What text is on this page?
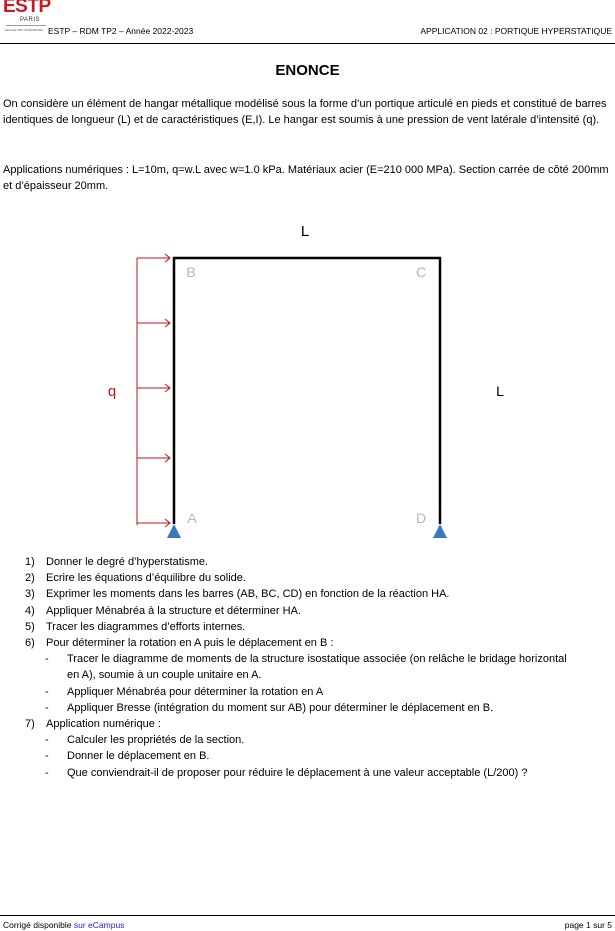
ESTP
PARIS
L'ÉCOLE DES INGÉNIEURS ESTP – RDM TP2 – Année 2022-2023	APPLICATION 02 : PORTIQUE HYPERSTATIQUE
ENONCE
On considère un élément de hangar métallique modélisé sous la forme d’un portique articulé en pieds et constitué de barres identiques de longueur (L) et de caractéristiques (E,I). Le hangar est soumis à une pression de vent latérale d’intensité (q).
Applications numériques : L=10m, q=w.L avec w=1.0 kPa. Matériaux acier (E=210 000 MPa). Section carrée de côté 200mm et d’épaisseur 20mm.
L
L
q
B	C
A	D
1) Donner le degré d’hyperstatisme.
2) Ecrire les équations d’équilibre du solide.
3) Exprimer les moments dans les barres (AB, BC, CD) en fonction de la réaction HA.
4) Appliquer Ménabréa à la structure et déterminer HA.
5) Tracer les diagrammes d’efforts internes.
6) Pour déterminer la rotation en A puis le déplacement en B :
- Tracer le diagramme de moments de la structure isostatique associée (on relâche le bridage horizontal
en A), soumie à un couple unitaire en A.
- Appliquer Ménabréa pour déterminer la rotation en A
- Appliquer Bresse (intégration du moment sur AB) pour déterminer le déplacement en B.
7) Application numérique :
- Calculer les propriétés de la section.
- Donner le déplacement en B.
- Que conviendrait-il de proposer pour réduire le déplacement à une valeur acceptable (L/200) ?
Corrigé disponible sur eCampus	page 1 sur 5
